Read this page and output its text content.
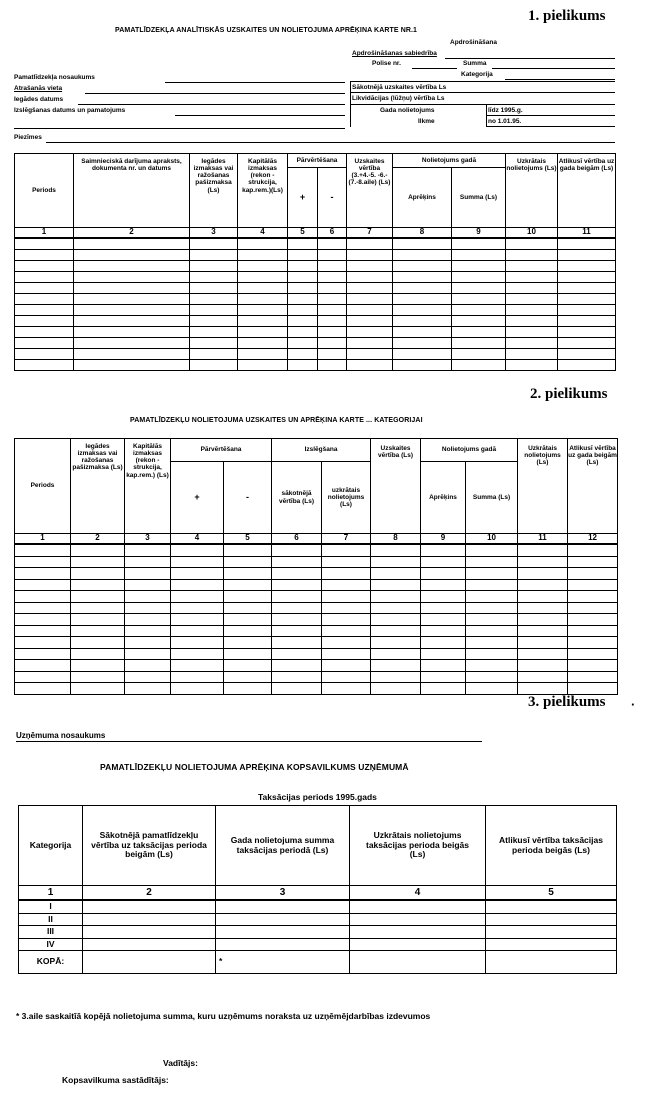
1. pielikums
PAMATLĪDZEKĻA ANALĪTISKĀS UZSKAITES UN NOLIETOJUMA APRĒĶINA KARTE NR.1
Apdrošināšana
Apdrošināšanas sabiedrība
Polise nr.	Summa
Kategorija
Sākotnējā uzskaites vērtība Ls
Likvidācijas (lūžņu) vērtība Ls
Gada nolietojums	līdz 1995.g.
Ilkme	no 1.01.95.
Pamatlīdzekļa nosaukums
Atrašanās vieta
Iegādes datums
Izslēgšanas datums un pamatojums
Piezīmes
Periods	Saimnieciskā darījuma apraksts, dokumenta nr. un datums	Iegādes izmaksas vai ražošanas pašizmaksa (Ls)	Kapitālās izmaksas (rekon - strukcija, kap.rem.)(Ls)	Pārvērtēšana		Uzskaites vērtība (3.+4.-5. -6.-(7.-8.aile) (Ls)	Nolietojums gadā		Uzkrātais nolietojums (Ls)	Atlikusī vērtība uz gada beigām (Ls)
				+	-		Aprēķins	Summa (Ls)		
1	2	3	4	5	6	7	8	9	10	11

2. pielikums
PAMATLĪDZEKĻU NOLIETOJUMA UZSKAITES UN APRĒĶINA KARTE ... KATEGORIJAI
Periods	Iegādes izmaksas vai ražošanas pašizmaksa (Ls)	Kapitālās izmaksas (rekon - strukcija, kap.rem.) (Ls)	Pārvērtēšana		Izslēgšana		Uzskaites vērtība (Ls)	Nolietojums gadā		Uzkrātais nolietojums (Ls)	Atlikusī vērtība uz gada beigām (Ls)
			+	-	sākotnējā vērtība (Ls)	uzkrātais nolietojums (Ls)		Aprēķins	Summa (Ls)		
1	2	3	4	5	6	7	8	9	10	11	12

3. pielikums ·
Uzņēmuma nosaukums
PAMATLĪDZEKĻU NOLIETOJUMA APRĒĶINA KOPSAVILKUMS UZŅĒMUMĀ
Taksācijas periods 1995.gads
Kategorija	Sākotnējā pamatlīdzekļu vērtība uz taksācijas perioda beigām (Ls)	Gada nolietojuma summa taksācijas periodā (Ls)	Uzkrātais nolietojums taksācijas perioda beigās (Ls)	Atlikusī vērtība taksācijas perioda beigās (Ls)
1	2	3	4	5
I				
II				
III				
IV				
KOPĀ:		*		
* 3.aile saskaitīā kopējā nolietojuma summa, kuru uzņēmums noraksta uz uzņēmējdarbības izdevumos
Vadītājs:
Kopsavilkuma sastādītājs:
